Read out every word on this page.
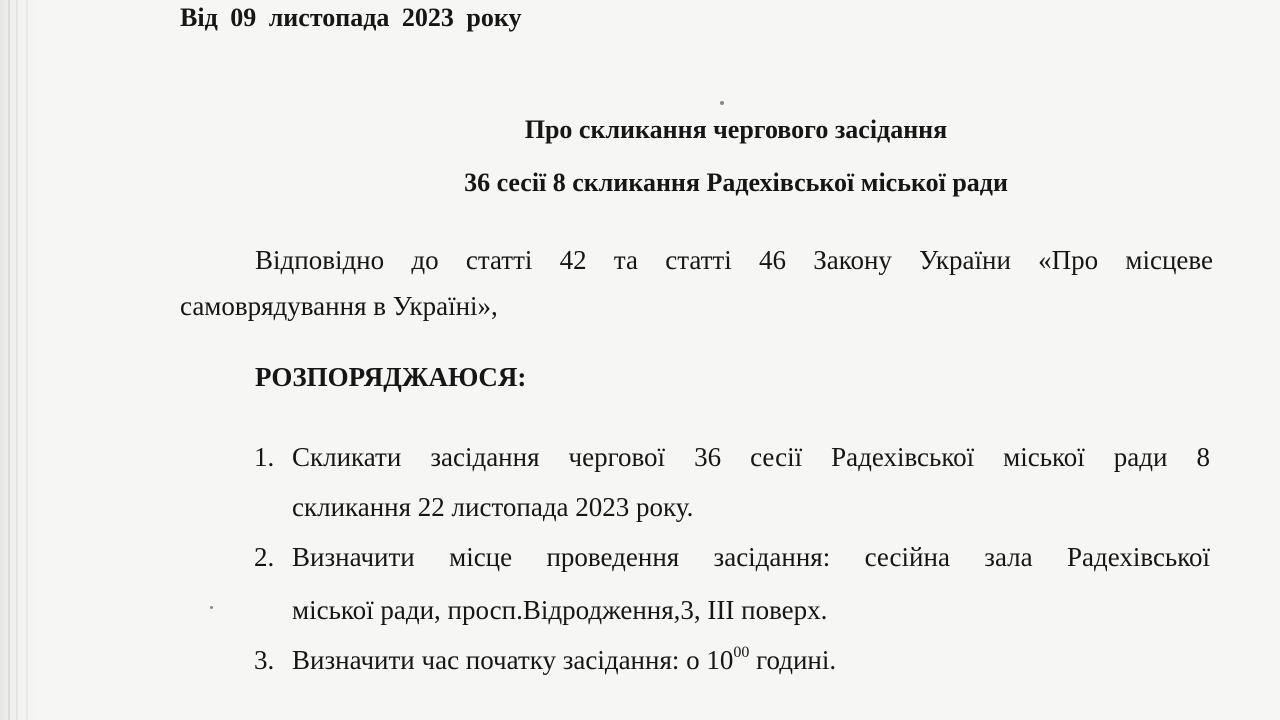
Від 09 листопада 2023 року
Про скликання чергового засідання
36 сесії 8 скликання Радехівської міської ради
Відповідно до статті 42 та статті 46 Закону України «Про місцеве
самоврядування в Україні»,
РОЗПОРЯДЖАЮСЯ:
1. Скликати засідання чергової 36 сесії Радехівської міської ради 8
скликання 22 листопада 2023 року.
2. Визначити місце проведення засідання: сесійна зала Радехівської
міської ради, просп.Відродження,3, ІІІ поверх.
3. Визначити час початку засідання: о $10^{00}$ годині.
